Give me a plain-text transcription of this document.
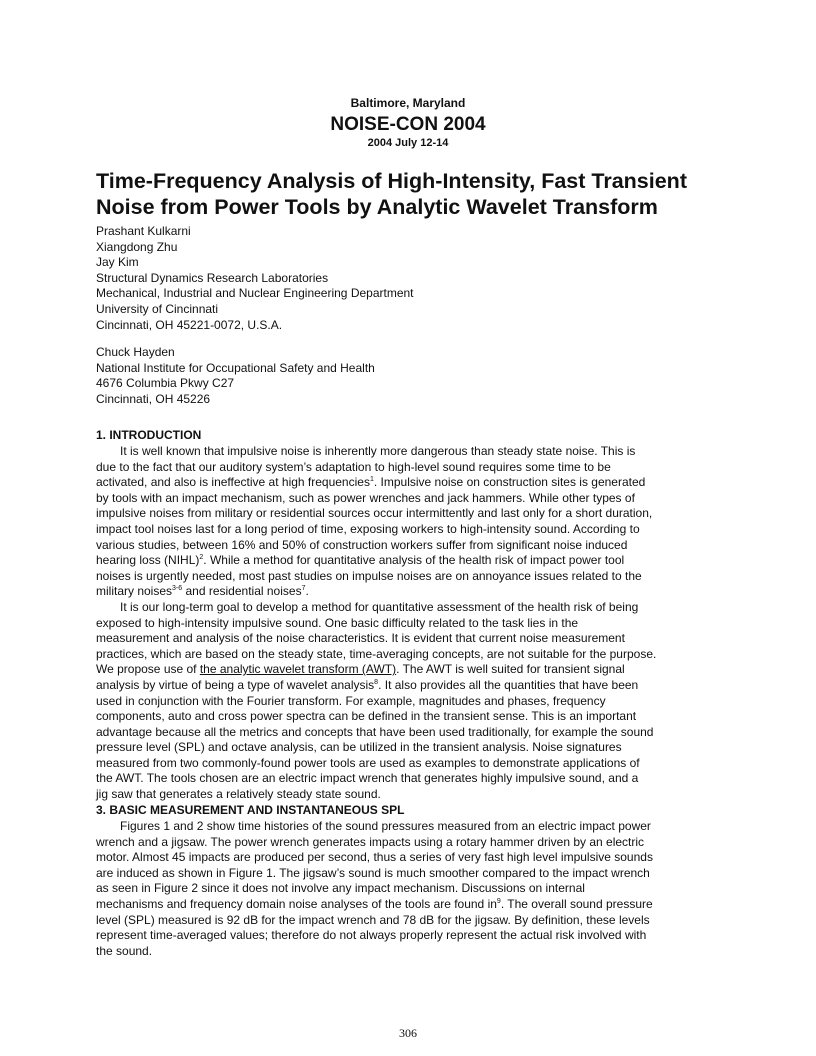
Baltimore, Maryland
NOISE-CON 2004
2004 July 12-14
Time-Frequency Analysis of High-Intensity, Fast Transient
Noise from Power Tools by Analytic Wavelet Transform
Prashant Kulkarni
Xiangdong Zhu
Jay Kim
Structural Dynamics Research Laboratories
Mechanical, Industrial and Nuclear Engineering Department
University of Cincinnati
Cincinnati, OH 45221-0072, U.S.A.
Chuck Hayden
National Institute for Occupational Safety and Health
4676 Columbia Pkwy C27
Cincinnati, OH 45226
1. INTRODUCTION
It is well known that impulsive noise is inherently more dangerous than steady state noise. This is
due to the fact that our auditory system’s adaptation to high-level sound requires some time to be
activated, and also is ineffective at high frequencies$^1$. Impulsive noise on construction sites is generated
by tools with an impact mechanism, such as power wrenches and jack hammers. While other types of
impulsive noises from military or residential sources occur intermittently and last only for a short duration,
impact tool noises last for a long period of time, exposing workers to high-intensity sound. According to
various studies, between 16% and 50% of construction workers suffer from significant noise induced
hearing loss (NIHL)$^2$. While a method for quantitative analysis of the health risk of impact power tool
noises is urgently needed, most past studies on impulse noises are on annoyance issues related to the
military noises$^{3-6}$ and residential noises$^7$.
It is our long-term goal to develop a method for quantitative assessment of the health risk of being
exposed to high-intensity impulsive sound. One basic difficulty related to the task lies in the
measurement and analysis of the noise characteristics. It is evident that current noise measurement
practices, which are based on the steady state, time-averaging concepts, are not suitable for the purpose.
We propose use of the analytic wavelet transform (AWT). The AWT is well suited for transient signal
analysis by virtue of being a type of wavelet analysis$^8$. It also provides all the quantities that have been
used in conjunction with the Fourier transform. For example, magnitudes and phases, frequency
components, auto and cross power spectra can be defined in the transient sense. This is an important
advantage because all the metrics and concepts that have been used traditionally, for example the sound
pressure level (SPL) and octave analysis, can be utilized in the transient analysis. Noise signatures
measured from two commonly-found power tools are used as examples to demonstrate applications of
the AWT. The tools chosen are an electric impact wrench that generates highly impulsive sound, and a
jig saw that generates a relatively steady state sound.
3. BASIC MEASUREMENT AND INSTANTANEOUS SPL
Figures 1 and 2 show time histories of the sound pressures measured from an electric impact power
wrench and a jigsaw. The power wrench generates impacts using a rotary hammer driven by an electric
motor. Almost 45 impacts are produced per second, thus a series of very fast high level impulsive sounds
are induced as shown in Figure 1. The jigsaw’s sound is much smoother compared to the impact wrench
as seen in Figure 2 since it does not involve any impact mechanism. Discussions on internal
mechanisms and frequency domain noise analyses of the tools are found $in^9$. The overall sound pressure
level (SPL) measured is 92 dB for the impact wrench and 78 dB for the jigsaw. By definition, these levels
represent time-averaged values; therefore do not always properly represent the actual risk involved with
the sound.
306
